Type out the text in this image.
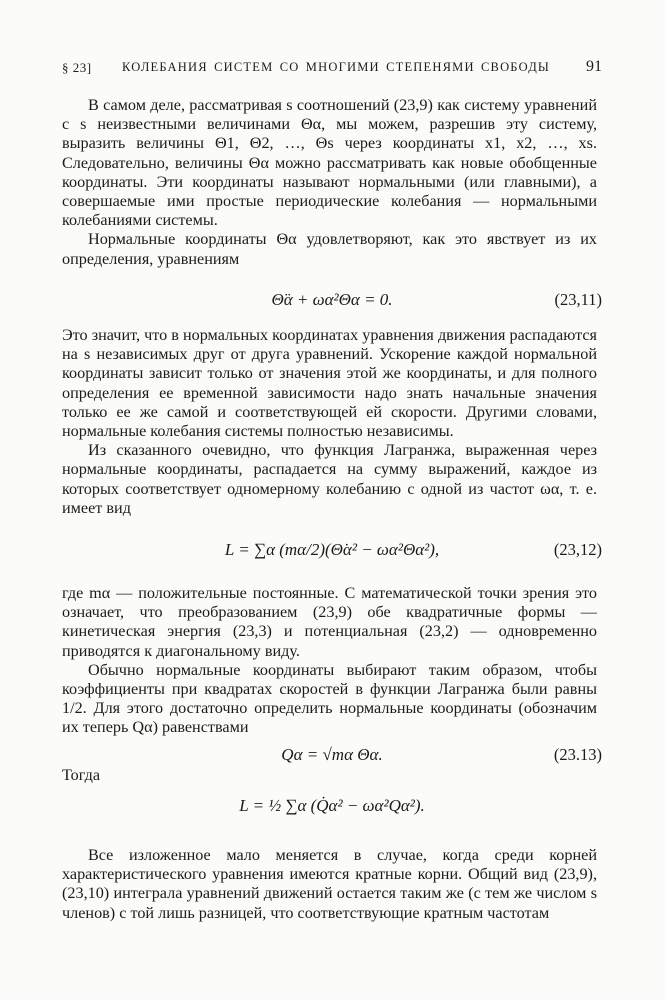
§ 23] КОЛЕБАНИЯ СИСТЕМ СО МНОГИМИ СТЕПЕНЯМИ СВОБОДЫ 91

В самом деле, рассматривая s соотношений (23,9) как систему уравнений с s неизвестными величинами Θα, мы можем, разрешив эту систему, выразить величины Θ1, Θ2, …, Θs через координаты x1, x2, …, xs. Следовательно, величины Θα можно рассматривать как новые обобщенные координаты. Эти координаты называют нормальными (или главными), а совершаемые ими простые периодические колебания — нормальными колебаниями системы.

Нормальные координаты Θα удовлетворяют, как это явствует из их определения, уравнениям

Θ̈α + ωα²Θα = 0.	(23,11)

Это значит, что в нормальных координатах уравнения движения распадаются на s независимых друг от друга уравнений. Ускорение каждой нормальной координаты зависит только от значения этой же координаты, и для полного определения ее временной зависимости надо знать начальные значения только ее же самой и соответствующей ей скорости. Другими словами, нормальные колебания системы полностью независимы.

Из сказанного очевидно, что функция Лагранжа, выраженная через нормальные координаты, распадается на сумму выражений, каждое из которых соответствует одномерному колебанию с одной из частот ωα, т. е. имеет вид

L = ∑α (mα/2)(Θ̇α² − ωα²Θα²),	(23,12)

где mα — положительные постоянные. С математической точки зрения это означает, что преобразованием (23,9) обе квадратичные формы — кинетическая энергия (23,3) и потенциальная (23,2) — одновременно приводятся к диагональному виду.

Обычно нормальные координаты выбирают таким образом, чтобы коэффициенты при квадратах скоростей в функции Лагранжа были равны 1/2. Для этого достаточно определить нормальные координаты (обозначим их теперь Qα) равенствами

Qα = √mα Θα.	(23.13)
Тогда
L = ½ ∑α (Q̇α² − ωα²Qα²).

Все изложенное мало меняется в случае, когда среди корней характеристического уравнения имеются кратные корни. Общий вид (23,9), (23,10) интеграла уравнений движений остается таким же (с тем же числом s членов) с той лишь разницей, что соответствующие кратным частотам
